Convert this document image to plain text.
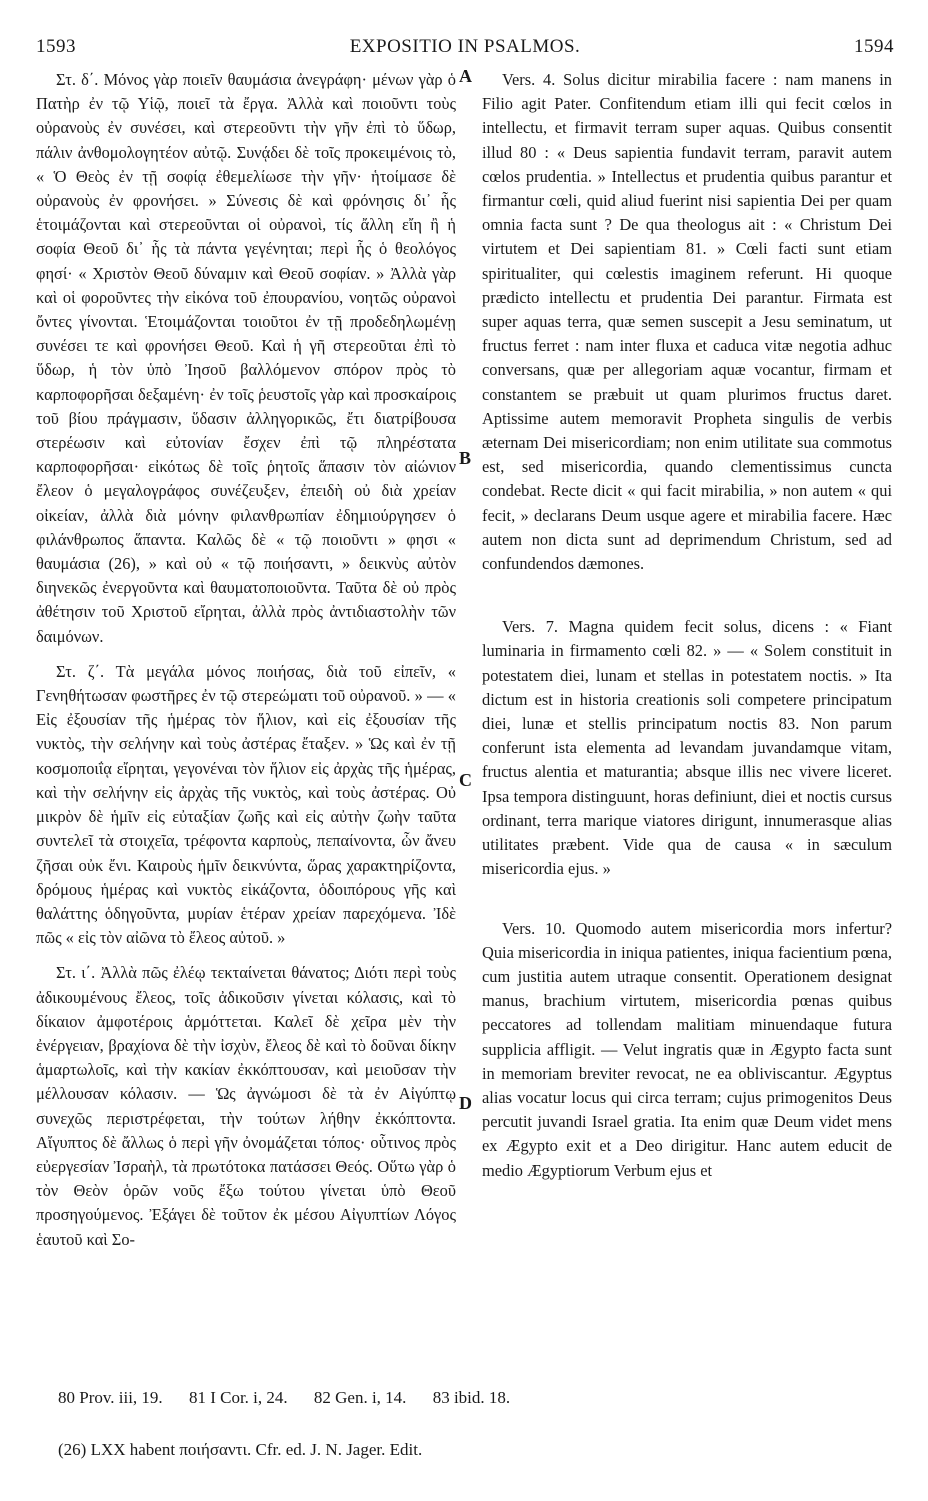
1593	EXPOSITIO IN PSALMOS.	1594

Στ. δ΄. Μόνος γὰρ ποιεῖν θαυμάσια ἀνεγράφη· μένων γὰρ ὁ Πατὴρ ἐν τῷ Υἱῷ, ποιεῖ τὰ ἔργα. Ἀλλὰ καὶ ποιοῦντι τοὺς οὐρανοὺς ἐν συνέσει, καὶ στερεοῦντι τὴν γῆν ἐπὶ τὸ ὕδωρ, πάλιν ἀνθομολογητέον αὐτῷ. Συνᾴδει δὲ τοῖς προκειμένοις τὸ, « Ὁ Θεὸς ἐν τῇ σοφίᾳ ἐθεμελίωσε τὴν γῆν· ἡτοίμασε δὲ οὐρανοὺς ἐν φρονήσει. » Σύνεσις δὲ καὶ φρόνησις δι᾽ ἧς ἑτοιμάζονται καὶ στερεοῦνται οἱ οὐρανοὶ, τίς ἄλλη εἴη ἢ ἡ σοφία Θεοῦ δι᾽ ἧς τὰ πάντα γεγένηται; περὶ ἧς ὁ θεολόγος φησί· « Χριστὸν Θεοῦ δύναμιν καὶ Θεοῦ σοφίαν. » Ἀλλὰ γὰρ καὶ οἱ φοροῦντες τὴν εἰκόνα τοῦ ἐπουρανίου, νοητῶς οὐρανοὶ ὄντες γίνονται. Ἑτοιμάζονται τοιοῦτοι ἐν τῇ προδεδηλωμένῃ συνέσει τε καὶ φρονήσει Θεοῦ. Καὶ ἡ γῆ στερεοῦται ἐπὶ τὸ ὕδωρ, ἡ τὸν ὑπὸ Ἰησοῦ βαλλόμενον σπόρον πρὸς τὸ καρποφορῆσαι δεξαμένη· ἐν τοῖς ῥευστοῖς γὰρ καὶ προσκαίροις τοῦ βίου πράγμασιν, ὕδασιν ἀλληγορικῶς, ἔτι διατρίβουσα στερέωσιν καὶ εὐτονίαν ἔσχεν ἐπὶ τῷ πληρέστατα καρποφορῆσαι· εἰκότως δὲ τοῖς ῥητοῖς ἅπασιν τὸν αἰώνιον ἔλεον ὁ μεγαλογράφος συνέζευξεν, ἐπειδὴ οὐ διὰ χρείαν οἰκείαν, ἀλλὰ διὰ μόνην φιλανθρωπίαν ἐδημιούργησεν ὁ φιλάνθρωπος ἅπαντα. Καλῶς δὲ « τῷ ποιοῦντι » φησι « θαυμάσια (26), » καὶ οὐ « τῷ ποιήσαντι, » δεικνὺς αὐτὸν διηνεκῶς ἐνεργοῦντα καὶ θαυματοποιοῦντα. Ταῦτα δὲ οὐ πρὸς ἀθέτησιν τοῦ Χριστοῦ εἴρηται, ἀλλὰ πρὸς ἀντιδιαστολὴν τῶν δαιμόνων.

Στ. ζ΄. Τὰ μεγάλα μόνος ποιήσας, διὰ τοῦ εἰπεῖν, « Γενηθήτωσαν φωστῆρες ἐν τῷ στερεώματι τοῦ οὐρανοῦ. » — « Εἰς ἐξουσίαν τῆς ἡμέρας τὸν ἥλιον, καὶ εἰς ἐξουσίαν τῆς νυκτὸς, τὴν σελήνην καὶ τοὺς ἀστέρας ἔταξεν. » Ὡς καὶ ἐν τῇ κοσμοποιΐᾳ εἴρηται, γεγονέναι τὸν ἥλιον εἰς ἀρχὰς τῆς ἡμέρας, καὶ τὴν σελήνην εἰς ἀρχὰς τῆς νυκτὸς, καὶ τοὺς ἀστέρας. Οὐ μικρὸν δὲ ἡμῖν εἰς εὐταξίαν ζωῆς καὶ εἰς αὐτὴν ζωὴν ταῦτα συντελεῖ τὰ στοιχεῖα, τρέφοντα καρποὺς, πεπαίνοντα, ὧν ἄνευ ζῆσαι οὐκ ἔνι. Καιροὺς ἡμῖν δεικνύντα, ὥρας χαρακτηρίζοντα, δρόμους ἡμέρας καὶ νυκτὸς εἰκάζοντα, ὁδοιπόρους γῆς καὶ θαλάττης ὁδηγοῦντα, μυρίαν ἑτέραν χρείαν παρεχόμενα. Ἰδὲ πῶς « εἰς τὸν αἰῶνα τὸ ἔλεος αὐτοῦ. »

Στ. ι΄. Ἀλλὰ πῶς ἐλέῳ τεκταίνεται θάνατος; Διότι περὶ τοὺς ἀδικουμένους ἔλεος, τοῖς ἀδικοῦσιν γίνεται κόλασις, καὶ τὸ δίκαιον ἀμφοτέροις ἁρμόττεται. Καλεῖ δὲ χεῖρα μὲν τὴν ἐνέργειαν, βραχίονα δὲ τὴν ἰσχὺν, ἔλεος δὲ καὶ τὸ δοῦναι δίκην ἁμαρτωλοῖς, καὶ τὴν κακίαν ἐκκόπτουσαν, καὶ μειοῦσαν τὴν μέλλουσαν κόλασιν. — Ὡς ἀγνώμοσι δὲ τὰ ἐν Αἰγύπτῳ συνεχῶς περιστρέφεται, τὴν τούτων λήθην ἐκκόπτοντα. Αἴγυπτος δὲ ἄλλως ὁ περὶ γῆν ὀνομάζεται τόπος· οὗτινος πρὸς εὐεργεσίαν Ἰσραὴλ, τὰ πρωτότοκα πατάσσει Θεός. Οὕτω γὰρ ὁ τὸν Θεὸν ὁρῶν νοῦς ἔξω τούτου γίνεται ὑπὸ Θεοῦ προσηγούμενος. Ἐξάγει δὲ τοῦτον ἐκ μέσου Αἰγυπτίων Λόγος ἑαυτοῦ καὶ Σο-

A
B
C
D

Vers. 4. Solus dicitur mirabilia facere : nam manens in Filio agit Pater. Confitendum etiam illi qui fecit cœlos in intellectu, et firmavit terram super aquas. Quibus consentit illud 80 : « Deus sapientia fundavit terram, paravit autem cœlos prudentia. » Intellectus et prudentia quibus parantur et firmantur cœli, quid aliud fuerint nisi sapientia Dei per quam omnia facta sunt ? De qua theologus ait : « Christum Dei virtutem et Dei sapientiam 81. » Cœli facti sunt etiam spiritualiter, qui cœlestis imaginem referunt. Hi quoque prædicto intellectu et prudentia Dei parantur. Firmata est super aquas terra, quæ semen suscepit a Jesu seminatum, ut fructus ferret : nam inter fluxa et caduca vitæ negotia adhuc conversans, quæ per allegoriam aquæ vocantur, firmam et constantem se præbuit ut quam plurimos fructus daret. Aptissime autem memoravit Propheta singulis de verbis æternam Dei misericordiam; non enim utilitate sua commotus est, sed misericordia, quando clementissimus cuncta condebat. Recte dicit « qui facit mirabilia, » non autem « qui fecit, » declarans Deum usque agere et mirabilia facere. Hæc autem non dicta sunt ad deprimendum Christum, sed ad confundendos dæmones.

Vers. 7. Magna quidem fecit solus, dicens : « Fiant luminaria in firmamento cœli 82. » — « Solem constituit in potestatem diei, lunam et stellas in potestatem noctis. » Ita dictum est in historia creationis soli competere principatum diei, lunæ et stellis principatum noctis 83. Non parum conferunt ista elementa ad levandam juvandamque vitam, fructus alentia et maturantia; absque illis nec vivere liceret. Ipsa tempora distinguunt, horas definiunt, diei et noctis cursus ordinant, terra marique viatores dirigunt, innumerasque alias utilitates præbent. Vide qua de causa « in sæculum misericordia ejus. »

Vers. 10. Quomodo autem misericordia mors infertur? Quia misericordia in iniqua patientes, iniqua facientium pœna, cum justitia autem utraque consentit. Operationem designat manus, brachium virtutem, misericordia pœnas quibus peccatores ad tollendam malitiam minuendaque futura supplicia affligit. — Velut ingratis quæ in Ægypto facta sunt in memoriam breviter revocat, ne ea obliviscantur. Ægyptus alias vocatur locus qui circa terram; cujus primogenitos Deus percutit juvandi Israel gratia. Ita enim quæ Deum videt mens ex Ægypto exit et a Deo dirigitur. Hanc autem educit de medio Ægyptiorum Verbum ejus et

80 Prov. iii, 19. 81 I Cor. i, 24. 82 Gen. i, 14. 83 ibid. 18.
(26) LXX habent ποιήσαντι. Cfr. ed. J. N. Jager. Edit.
